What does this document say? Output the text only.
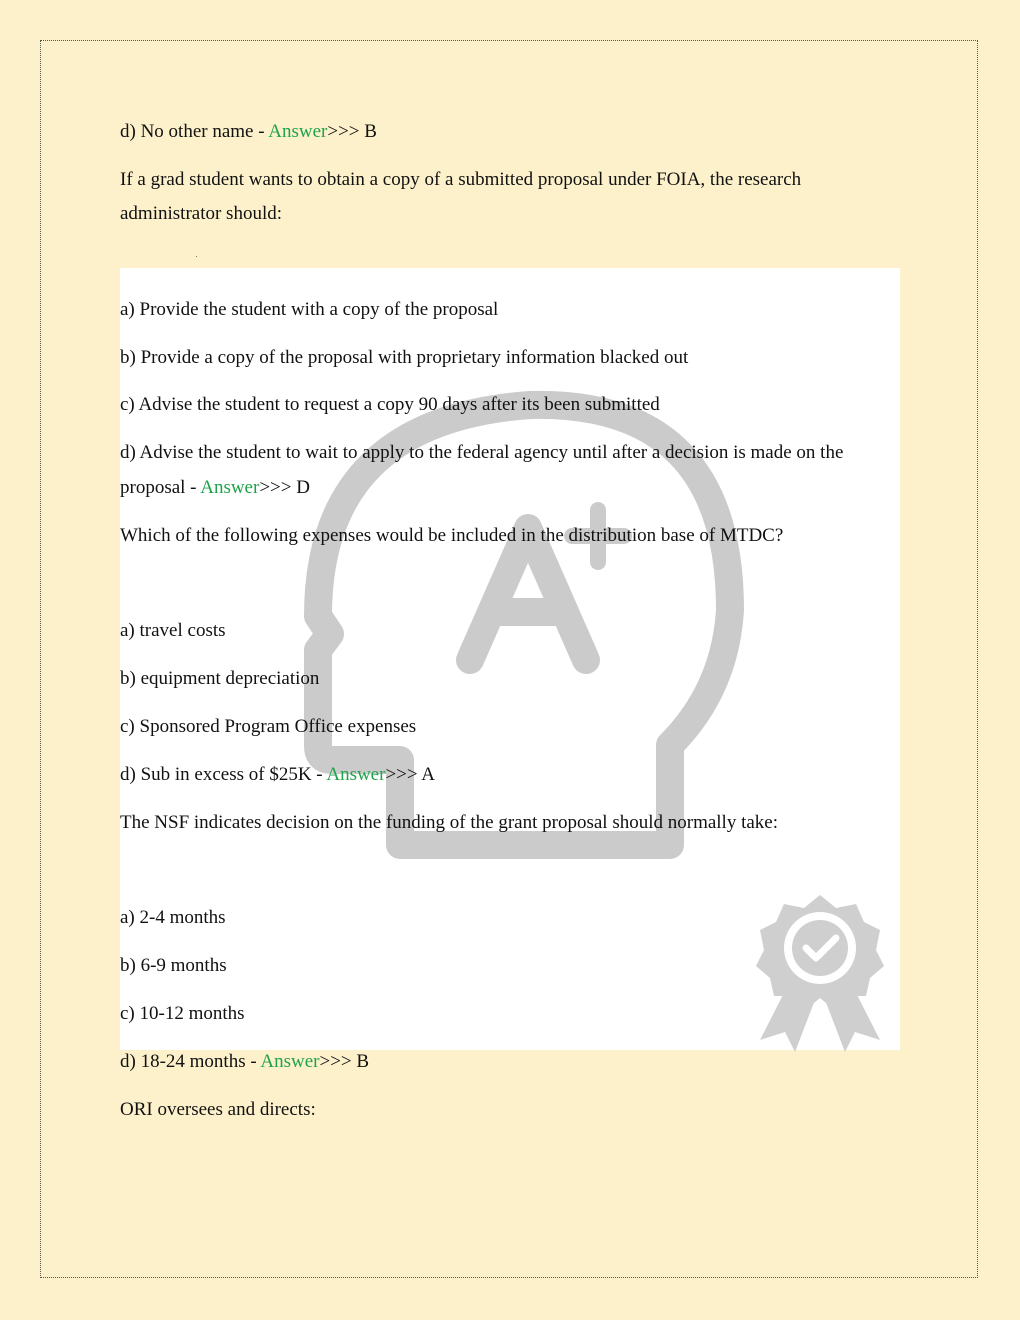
d) No other name - Answer>>> B
If a grad student wants to obtain a copy of a submitted proposal under FOIA, the research
administrator should:
a) Provide the student with a copy of the proposal
b) Provide a copy of the proposal with proprietary information blacked out
c) Advise the student to request a copy 90 days after its been submitted
d) Advise the student to wait to apply to the federal agency until after a decision is made on the
proposal - Answer>>> D
Which of the following expenses would be included in the distribution base of MTDC?
a) travel costs
b) equipment depreciation
c) Sponsored Program Office expenses
d) Sub in excess of $25K - Answer>>> A
The NSF indicates decision on the funding of the grant proposal should normally take:
a) 2-4 months
b) 6-9 months
c) 10-12 months
d) 18-24 months - Answer>>> B
ORI oversees and directs:
